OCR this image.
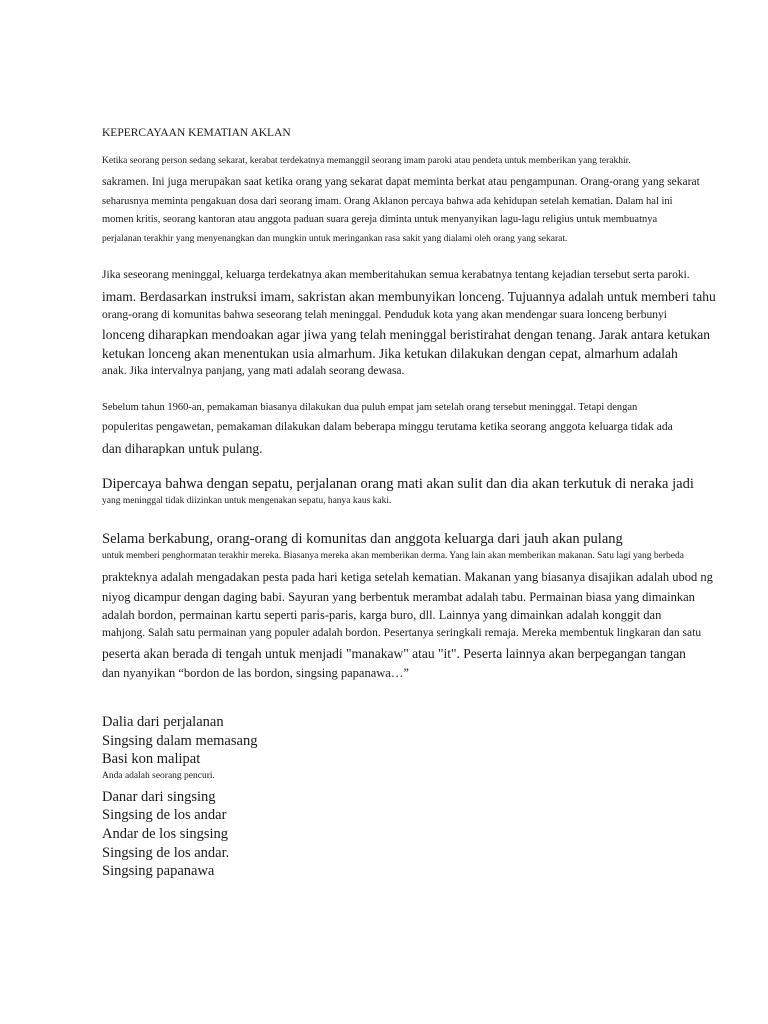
KEPERCAYAAN KEMATIAN AKLAN
Ketika seorang person sedang sekarat, kerabat terdekatnya memanggil seorang imam paroki atau pendeta untuk memberikan yang terakhir.
sakramen. Ini juga merupakan saat ketika orang yang sekarat dapat meminta berkat atau pengampunan. Orang-orang yang sekarat
seharusnya meminta pengakuan dosa dari seorang imam. Orang Aklanon percaya bahwa ada kehidupan setelah kematian. Dalam hal ini
momen kritis, seorang kantoran atau anggota paduan suara gereja diminta untuk menyanyikan lagu-lagu religius untuk membuatnya
perjalanan terakhir yang menyenangkan dan mungkin untuk meringankan rasa sakit yang dialami oleh orang yang sekarat.
Jika seseorang meninggal, keluarga terdekatnya akan memberitahukan semua kerabatnya tentang kejadian tersebut serta paroki.
imam. Berdasarkan instruksi imam, sakristan akan membunyikan lonceng. Tujuannya adalah untuk memberi tahu
orang-orang di komunitas bahwa seseorang telah meninggal. Penduduk kota yang akan mendengar suara lonceng berbunyi
lonceng diharapkan mendoakan agar jiwa yang telah meninggal beristirahat dengan tenang. Jarak antara ketukan
ketukan lonceng akan menentukan usia almarhum. Jika ketukan dilakukan dengan cepat, almarhum adalah
anak. Jika intervalnya panjang, yang mati adalah seorang dewasa.
Sebelum tahun 1960-an, pemakaman biasanya dilakukan dua puluh empat jam setelah orang tersebut meninggal. Tetapi dengan
populeritas pengawetan, pemakaman dilakukan dalam beberapa minggu terutama ketika seorang anggota keluarga tidak ada
dan diharapkan untuk pulang.
Dipercaya bahwa dengan sepatu, perjalanan orang mati akan sulit dan dia akan terkutuk di neraka jadi
yang meninggal tidak diizinkan untuk mengenakan sepatu, hanya kaus kaki.
Selama berkabung, orang-orang di komunitas dan anggota keluarga dari jauh akan pulang
untuk memberi penghormatan terakhir mereka. Biasanya mereka akan memberikan derma. Yang lain akan memberikan makanan. Satu lagi yang berbeda
prakteknya adalah mengadakan pesta pada hari ketiga setelah kematian. Makanan yang biasanya disajikan adalah ubod ng
niyog dicampur dengan daging babi. Sayuran yang berbentuk merambat adalah tabu. Permainan biasa yang dimainkan
adalah bordon, permainan kartu seperti paris-paris, karga buro, dll. Lainnya yang dimainkan adalah konggit dan
mahjong. Salah satu permainan yang populer adalah bordon. Pesertanya seringkali remaja. Mereka membentuk lingkaran dan satu
peserta akan berada di tengah untuk menjadi "manakaw" atau "it". Peserta lainnya akan berpegangan tangan
dan nyanyikan “bordon de las bordon, singsing papanawa…”
Dalia dari perjalanan
Singsing dalam memasang
Basi kon malipat
Anda adalah seorang pencuri.
Danar dari singsing
Singsing de los andar
Andar de los singsing
Singsing de los andar.
Singsing papanawa
